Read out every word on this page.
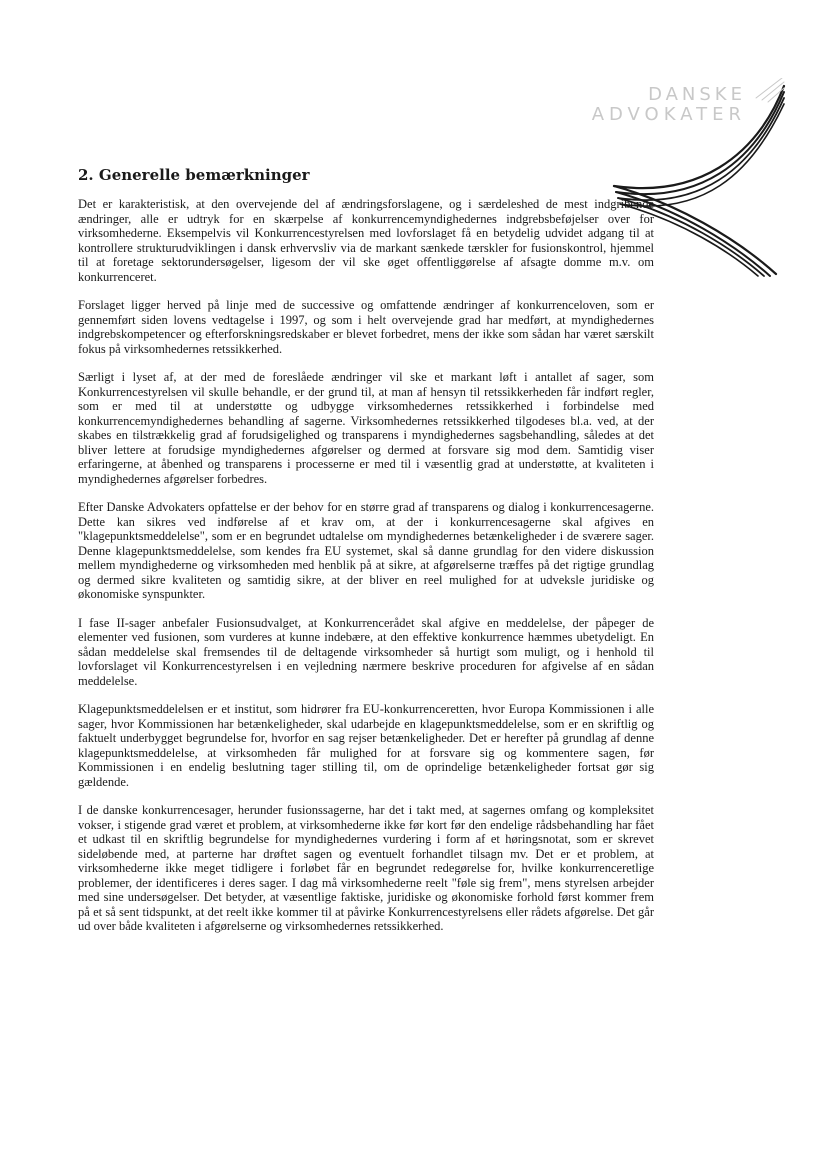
DANSKE
ADVOKATER
2. Generelle bemærkninger

Det er karakteristisk, at den overvejende del af ændringsforslagene, og i særdeleshed de mest indgribende ændringer, alle er udtryk for en skærpelse af konkurrencemyndighedernes indgrebsbeføjelser over for virksomhederne. Eksempelvis vil Konkurrencestyrelsen med lovforslaget få en betydelig udvidet adgang til at kontrollere strukturudviklingen i dansk erhvervsliv via de markant sænkede tærskler for fusionskontrol, hjemmel til at foretage sektorundersøgelser, ligesom der vil ske øget offentliggørelse af afsagte domme m.v. om konkurrenceret.

Forslaget ligger herved på linje med de successive og omfattende ændringer af konkurrenceloven, som er gennemført siden lovens vedtagelse i 1997, og som i helt overvejende grad har medført, at myndighedernes indgrebskompetencer og efterforskningsredskaber er blevet forbedret, mens der ikke som sådan har været særskilt fokus på virksomhedernes retssikkerhed.

Særligt i lyset af, at der med de foreslåede ændringer vil ske et markant løft i antallet af sager, som Konkurrencestyrelsen vil skulle behandle, er der grund til, at man af hensyn til retssikkerheden får indført regler, som er med til at understøtte og udbygge virksomhedernes retssikkerhed i forbindelse med konkurrencemyndighedernes behandling af sagerne. Virksomhedernes retssikkerhed tilgodeses bl.a. ved, at der skabes en tilstrækkelig grad af forudsigelighed og transparens i myndighedernes sagsbehandling, således at det bliver lettere at forudsige myndighedernes afgørelser og dermed at forsvare sig mod dem. Samtidig viser erfaringerne, at åbenhed og transparens i processerne er med til i væsentlig grad at understøtte, at kvaliteten i myndighedernes afgørelser forbedres.

Efter Danske Advokaters opfattelse er der behov for en større grad af transparens og dialog i konkurrencesagerne. Dette kan sikres ved indførelse af et krav om, at der i konkurrencesagerne skal afgives en "klagepunktsmeddelelse", som er en begrundet udtalelse om myndighedernes betænkeligheder i de sværere sager. Denne klagepunktsmeddelelse, som kendes fra EU systemet, skal så danne grundlag for den videre diskussion mellem myndighederne og virksomheden med henblik på at sikre, at afgørelserne træffes på det rigtige grundlag og dermed sikre kvaliteten og samtidig sikre, at der bliver en reel mulighed for at udveksle juridiske og økonomiske synspunkter.

I fase II-sager anbefaler Fusionsudvalget, at Konkurrencerådet skal afgive en meddelelse, der påpeger de elementer ved fusionen, som vurderes at kunne indebære, at den effektive konkurrence hæmmes ubetydeligt. En sådan meddelelse skal fremsendes til de deltagende virksomheder så hurtigt som muligt, og i henhold til lovforslaget vil Konkurrencestyrelsen i en vejledning nærmere beskrive proceduren for afgivelse af en sådan meddelelse.

Klagepunktsmeddelelsen er et institut, som hidrører fra EU-konkurrenceretten, hvor Europa Kommissionen i alle sager, hvor Kommissionen har betænkeligheder, skal udarbejde en klagepunktsmeddelelse, som er en skriftlig og faktuelt underbygget begrundelse for, hvorfor en sag rejser betænkeligheder. Det er herefter på grundlag af denne klagepunktsmeddelelse, at virksomheden får mulighed for at forsvare sig og kommentere sagen, før Kommissionen i en endelig beslutning tager stilling til, om de oprindelige betænkeligheder fortsat gør sig gældende.

I de danske konkurrencesager, herunder fusionssagerne, har det i takt med, at sagernes omfang og kompleksitet vokser, i stigende grad været et problem, at virksomhederne ikke før kort før den endelige rådsbehandling har fået et udkast til en skriftlig begrundelse for myndighedernes vurdering i form af et høringsnotat, som er skrevet sideløbende med, at parterne har drøftet sagen og eventuelt forhandlet tilsagn mv. Det er et problem, at virksomhederne ikke meget tidligere i forløbet får en begrundet redegørelse for, hvilke konkurrenceretlige problemer, der identificeres i deres sager. I dag må virksomhederne reelt "føle sig frem", mens styrelsen arbejder med sine undersøgelser. Det betyder, at væsentlige faktiske, juridiske og økonomiske forhold først kommer frem på et så sent tidspunkt, at det reelt ikke kommer til at påvirke Konkurrencestyrelsens eller rådets afgørelse. Det går ud over både kvaliteten i afgørelserne og virksomhedernes retssikkerhed.
